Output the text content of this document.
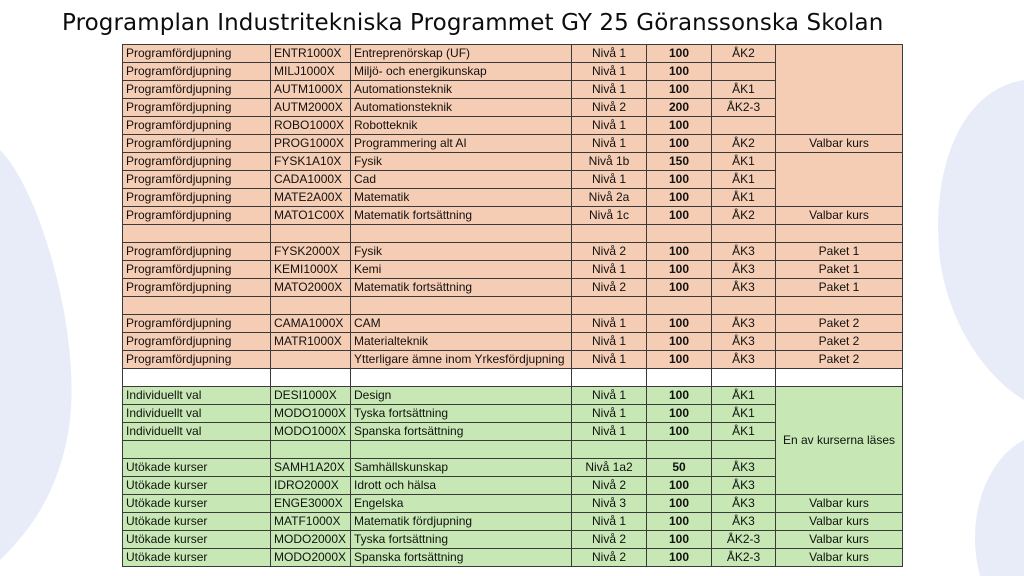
Programplan Industritekniska Programmet GY 25 Göranssonska Skolan
Programfördjupning	ENTR1000X	Entreprenörskap (UF)	Nivå 1	100	ÅK2	
Programfördjupning	MILJ1000X	Miljö- och energikunskap	Nivå 1	100		
Programfördjupning	AUTM1000X	Automationsteknik	Nivå 1	100	ÅK1	
Programfördjupning	AUTM2000X	Automationsteknik	Nivå 2	200	ÅK2-3	
Programfördjupning	ROBO1000X	Robotteknik	Nivå 1	100		
Programfördjupning	PROG1000X	Programmering alt AI	Nivå 1	100	ÅK2	Valbar kurs
Programfördjupning	FYSK1A10X	Fysik	Nivå 1b	150	ÅK1	
Programfördjupning	CADA1000X	Cad	Nivå 1	100	ÅK1	
Programfördjupning	MATE2A00X	Matematik	Nivå 2a	100	ÅK1	
Programfördjupning	MATO1C00X	Matematik fortsättning	Nivå 1c	100	ÅK2	Valbar kurs

Programfördjupning	FYSK2000X	Fysik	Nivå 2	100	ÅK3	Paket 1
Programfördjupning	KEMI1000X	Kemi	Nivå 1	100	ÅK3	Paket 1
Programfördjupning	MATO2000X	Matematik fortsättning	Nivå 2	100	ÅK3	Paket 1

Programfördjupning	CAMA1000X	CAM	Nivå 1	100	ÅK3	Paket 2
Programfördjupning	MATR1000X	Materialteknik	Nivå 1	100	ÅK3	Paket 2
Programfördjupning		Ytterligare ämne inom Yrkesfördjupning	Nivå 1	100	ÅK3	Paket 2

Individuellt val	DESI1000X	Design	Nivå 1	100	ÅK1	En av kurserna läses
Individuellt val	MODO1000X	Tyska fortsättning	Nivå 1	100	ÅK1	
Individuellt val	MODO1000X	Spanska fortsättning	Nivå 1	100	ÅK1	

Utökade kurser	SAMH1A20X	Samhällskunskap	Nivå 1a2	50	ÅK3	
Utökade kurser	IDRO2000X	Idrott och hälsa	Nivå 2	100	ÅK3	
Utökade kurser	ENGE3000X	Engelska	Nivå 3	100	ÅK3	Valbar kurs
Utökade kurser	MATF1000X	Matematik fördjupning	Nivå 1	100	ÅK3	Valbar kurs
Utökade kurser	MODO2000X	Tyska fortsättning	Nivå 2	100	ÅK2-3	Valbar kurs
Utökade kurser	MODO2000X	Spanska fortsättning	Nivå 2	100	ÅK2-3	Valbar kurs
